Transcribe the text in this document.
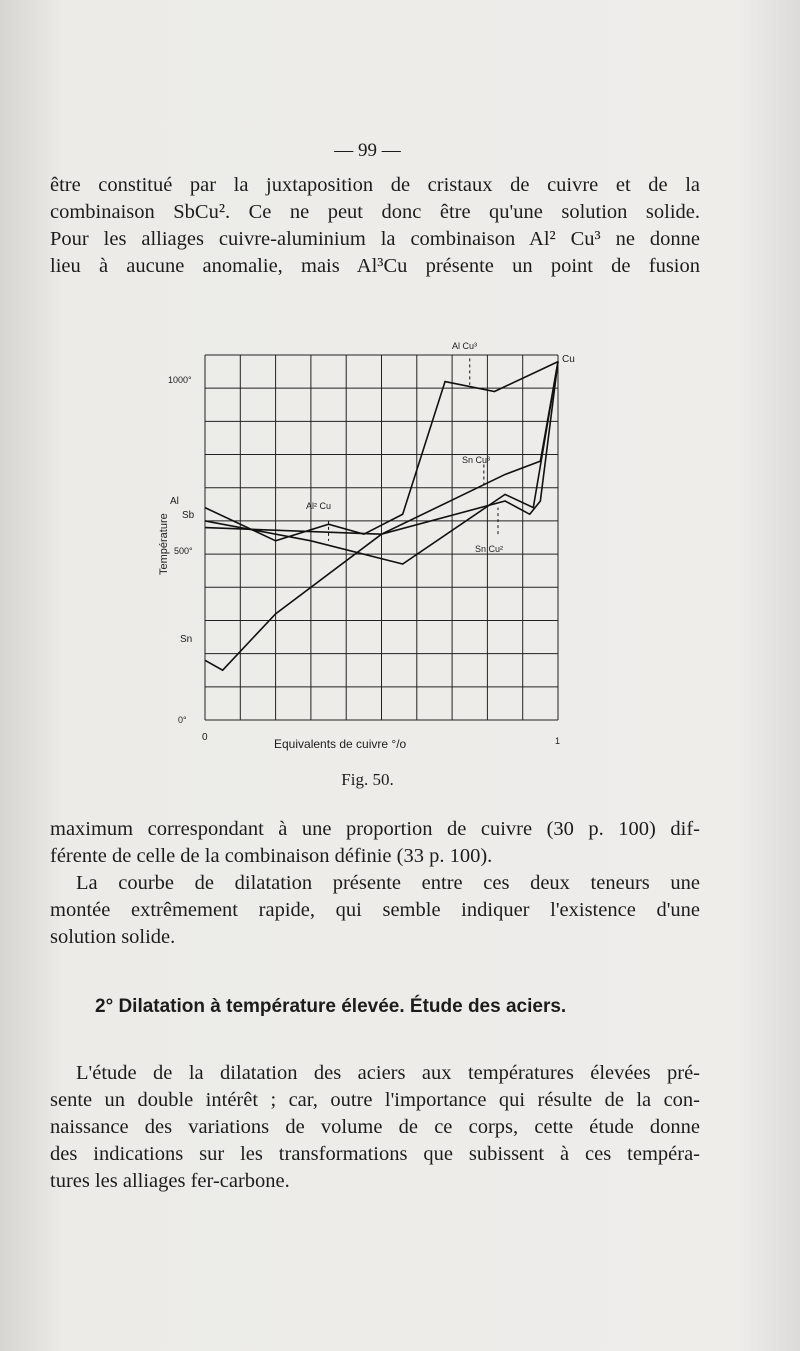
— 99 —
être constitué par la juxtaposition de cristaux de cuivre et de la
combinaison SbCu². Ce ne peut donc être qu'une solution solide.
Pour les alliages cuivre-aluminium la combinaison Al² Cu³ ne donne
lieu à aucune anomalie, mais Al³Cu présente un point de fusion
1000°
500°
0°
Al
Sb
Sn
Cu
0	1
Equivalents de cuivre °/o
Température
Al Cu³
Sn Cu³
Al² Cu
Sn Cu²
Fig. 50.
maximum correspondant à une proportion de cuivre (30 p. 100) dif-
férente de celle de la combinaison définie (33 p. 100).
La courbe de dilatation présente entre ces deux teneurs une
montée extrêmement rapide, qui semble indiquer l'existence d'une
solution solide.
2° Dilatation à température élevée. Étude des aciers.
L'étude de la dilatation des aciers aux températures élevées pré-
sente un double intérêt ; car, outre l'importance qui résulte de la con-
naissance des variations de volume de ce corps, cette étude donne
des indications sur les transformations que subissent à ces tempéra-
tures les alliages fer-carbone.
